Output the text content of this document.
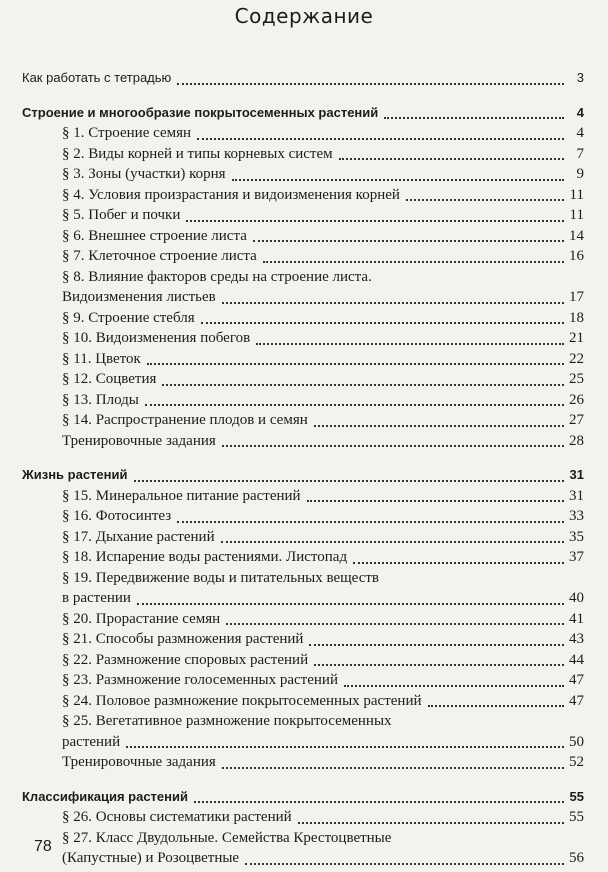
Содержание
Как работать с тетрадью	3
Строение и многообразие покрытосеменных растений	4
§ 1. Строение семян	4
§ 2. Виды корней и типы корневых систем	7
§ 3. Зоны (участки) корня	9
§ 4. Условия произрастания и видоизменения корней	11
§ 5. Побег и почки	11
§ 6. Внешнее строение листа	14
§ 7. Клеточное строение листа	16
§ 8. Влияние факторов среды на строение листа.
Видоизменения листьев	17
§ 9. Строение стебля	18
§ 10. Видоизменения побегов	21
§ 11. Цветок	22
§ 12. Соцветия	25
§ 13. Плоды	26
§ 14. Распространение плодов и семян	27
Тренировочные задания	28
Жизнь растений	31
§ 15. Минеральное питание растений	31
§ 16. Фотосинтез	33
§ 17. Дыхание растений	35
§ 18. Испарение воды растениями. Листопад	37
§ 19. Передвижение воды и питательных веществ
в растении	40
§ 20. Прорастание семян	41
§ 21. Способы размножения растений	43
§ 22. Размножение споровых растений	44
§ 23. Размножение голосеменных растений	47
§ 24. Половое размножение покрытосеменных растений	47
§ 25. Вегетативное размножение покрытосеменных
растений	50
Тренировочные задания	52
Классификация растений	55
§ 26. Основы систематики растений	55
§ 27. Класс Двудольные. Семейства Крестоцветные
(Капустные) и Розоцветные	56
78
